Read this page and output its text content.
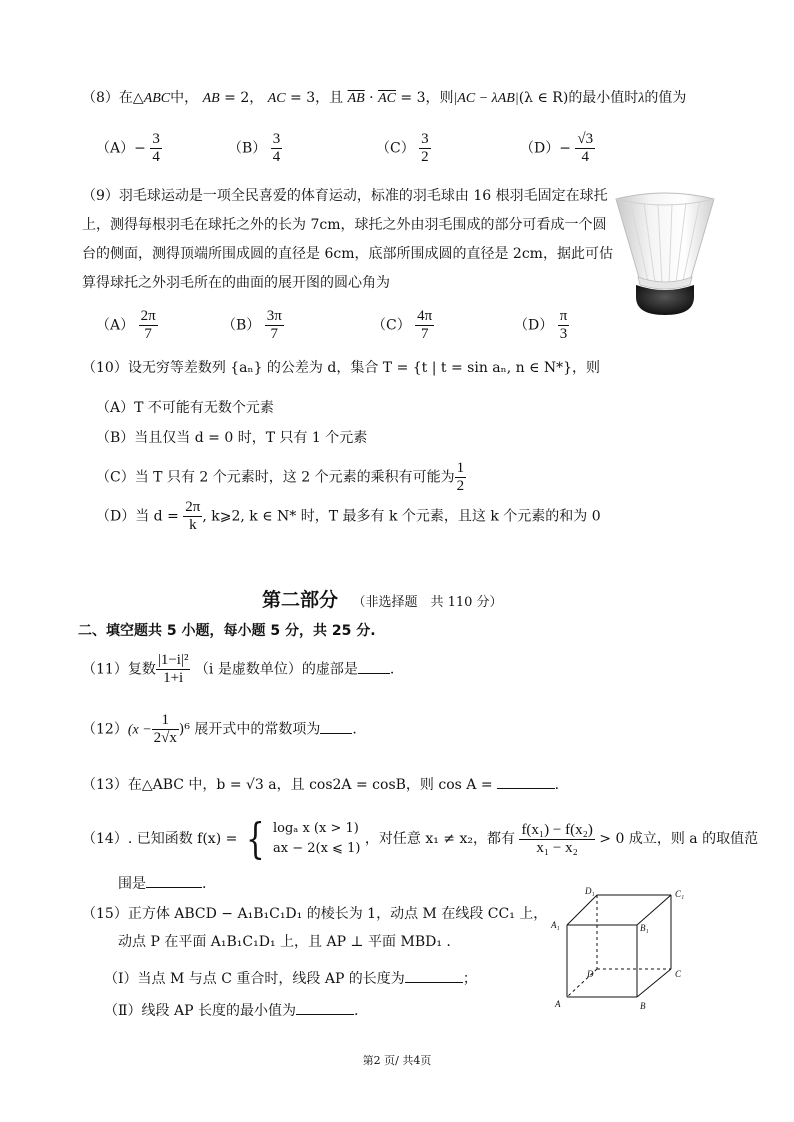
（8）在△ABC中， AB = 2， AC = 3，且 $\overline{AB} \cdot \overline{AC} = 3$，则|AC − λAB|(λ ∈ R)的最小值时λ的值为
$(A)- \frac{3}{4}$	$(B) \frac{3}{4}$	$(C) \frac{3}{2}$	$(D)- \frac{√3}{4}$
（9）羽毛球运动是一项全民喜爱的体育运动，标准的羽毛球由 16 根羽毛固定在球托
上，测得每根羽毛在球托之外的长为 7cm，球托之外由羽毛围成的部分可看成一个圆
台的侧面，测得顶端所围成圆的直径是 6cm，底部所围成圆的直径是 2cm，据此可估
算得球托之外羽毛所在的曲面的展开图的圆心角为
$(A) \frac{2\pi}{7}$	$(B) \frac{3\pi}{7}$	$(C) \frac{4\pi}{7}$	$(D) \frac{\pi}{3}$
（10）设无穷等差数列 {aₙ} 的公差为 d，集合 T = {t | t = sin aₙ, n ∈ N*}，则
（A）T 不可能有无数个元素
（B）当且仅当 d = 0 时，T 只有 1 个元素
（C）当 T 只有 2 个元素时，这 2 个元素的乘积有可能为 $\frac{1}{2}$
（D）当 $d = \frac{2\pi}{k}$ , k⩾2, k ∈ N* 时，T 最多有 k 个元素，且这 k 个元素的和为 0
第二部分 （非选择题　共 110 分）
二、填空题共 5 小题，每小题 5 分，共 25 分.
（11）复数 $\frac{\text{|1−i|²}}{1+i} (i$ 是虚数单位）的虚部是 .
$(12)(x - \frac{1}{2√x} )^6$ 展开式中的常数项为 .
（13）在△ABC 中，b = √3 a，且 cos2A = cosB，则 cos A =	.
（14）. 已知函数 f(x) = { logₐ x (x > 1)
ax − 2(x ⩽ 1)
，对任意 x₁ ≠ x₂，都有 $\frac{\text{f(x₁) − f(x₂)}}{\text{x₁ − x₂}} > 0$ 成立，则 a 的取值范
围是	.
（15）正方体 ABCD − A₁B₁C₁D₁ 的棱长为 1，动点 M 在线段 CC₁ 上，
动点 P 在平面 A₁B₁C₁D₁ 上，且 AP ⊥ 平面 MBD₁ .
（Ⅰ）当点 M 与点 C 重合时，线段 AP 的长度为	；
（Ⅱ）线段 AP 长度的最小值为	.
D₁	C₁
A₁	B₁
D	C
A	B
第2 页/ 共4页
